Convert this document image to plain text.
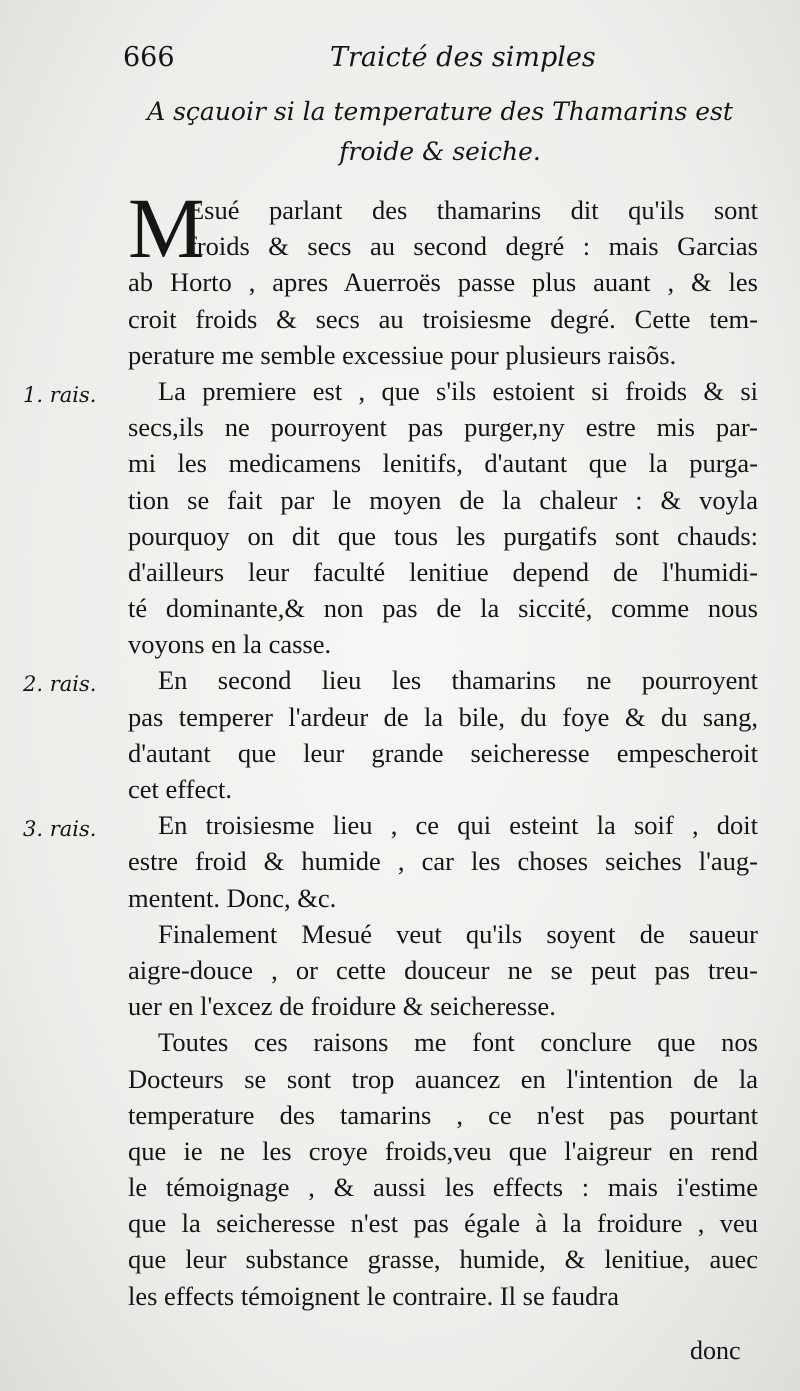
666	Traicté des simples
A sçauoir si la temperature des Thamarins est
froide & seiche.
M
Esué parlant des thamarins dit qu'ils sont
froids & secs au second degré : mais Garcias
ab Horto , apres Auerroës passe plus auant , & les
croit froids & secs au troisiesme degré. Cette tem-
perature me semble excessiue pour plusieurs raisõs.
1. rais.	La premiere est , que s'ils estoient si froids & si
secs,ils ne pourroyent pas purger,ny estre mis par-
mi les medicamens lenitifs, d'autant que la purga-
tion se fait par le moyen de la chaleur : & voyla
pourquoy on dit que tous les purgatifs sont chauds:
d'ailleurs leur faculté lenitiue depend de l'humidi-
té dominante,& non pas de la siccité, comme nous
voyons en la casse.
2. rais.	En second lieu les thamarins ne pourroyent
pas temperer l'ardeur de la bile, du foye & du sang,
d'autant que leur grande seicheresse empescheroit
cet effect.
3. rais.	En troisiesme lieu , ce qui esteint la soif , doit
estre froid & humide , car les choses seiches l'aug-
mentent. Donc, &c.
Finalement Mesué veut qu'ils soyent de saueur
aigre-douce , or cette douceur ne se peut pas treu-
uer en l'excez de froidure & seicheresse.
Toutes ces raisons me font conclure que nos
Docteurs se sont trop auancez en l'intention de la
temperature des tamarins , ce n'est pas pourtant
que ie ne les croye froids,veu que l'aigreur en rend
le témoignage , & aussi les effects : mais i'estime
que la seicheresse n'est pas égale à la froidure , veu
que leur substance grasse, humide, & lenitiue, auec
les effects témoignent le contraire. Il se faudra
donc
